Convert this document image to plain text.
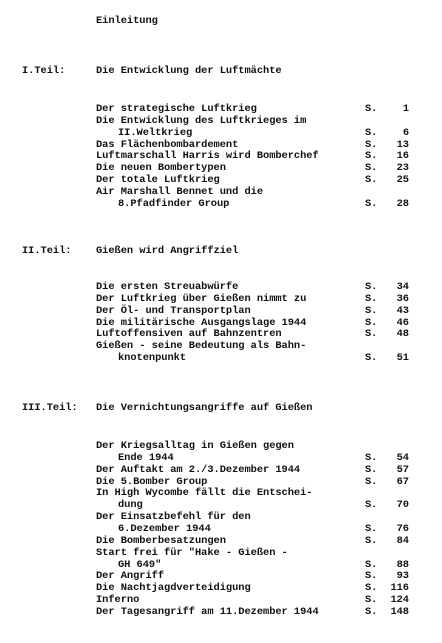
Einleitung
I.Teil:	Die Entwicklung der Luftmächte
Der strategische Luftkrieg	S.	1
Die Entwicklung des Luftkrieges im
II.Weltkrieg	S.	6
Das Flächenbombardement	S.	13
Luftmarschall Harris wird Bomberchef	S.	16
Die neuen Bombertypen	S.	23
Der totale Luftkrieg	S.	25
Air Marshall Bennet und die
8.Pfadfinder Group	S.	28
II.Teil: Gießen wird Angriffziel
Die ersten Streuabwürfe	S.	34
Der Luftkrieg über Gießen nimmt zu	S.	36
Der Öl- und Transportplan	S.	43
Die militärische Ausgangslage 1944	S.	46
Luftoffensiven auf Bahnzentren	S.	48
Gießen - seine Bedeutung als Bahn-
knotenpunkt	S.	51
III.Teil: Die Vernichtungsangriffe auf Gießen
Der Kriegsalltag in Gießen gegen
Ende 1944	S.	54
Der Auftakt am 2./3.Dezember 1944	S.	57
Die 5.Bomber Group	S.	67
In High Wycombe fällt die Entschei-
dung	S.	70
Der Einsatzbefehl für den
6.Dezember 1944	S.	76
Die Bomberbesatzungen	S.	84
Start frei für "Hake - Gießen -
GH 649"	S.	88
Der Angriff	S.	93
Die Nachtjagdverteidigung	S.	116
Inferno	S.	124
Der Tagesangriff am 11.Dezember 1944	S.	148
